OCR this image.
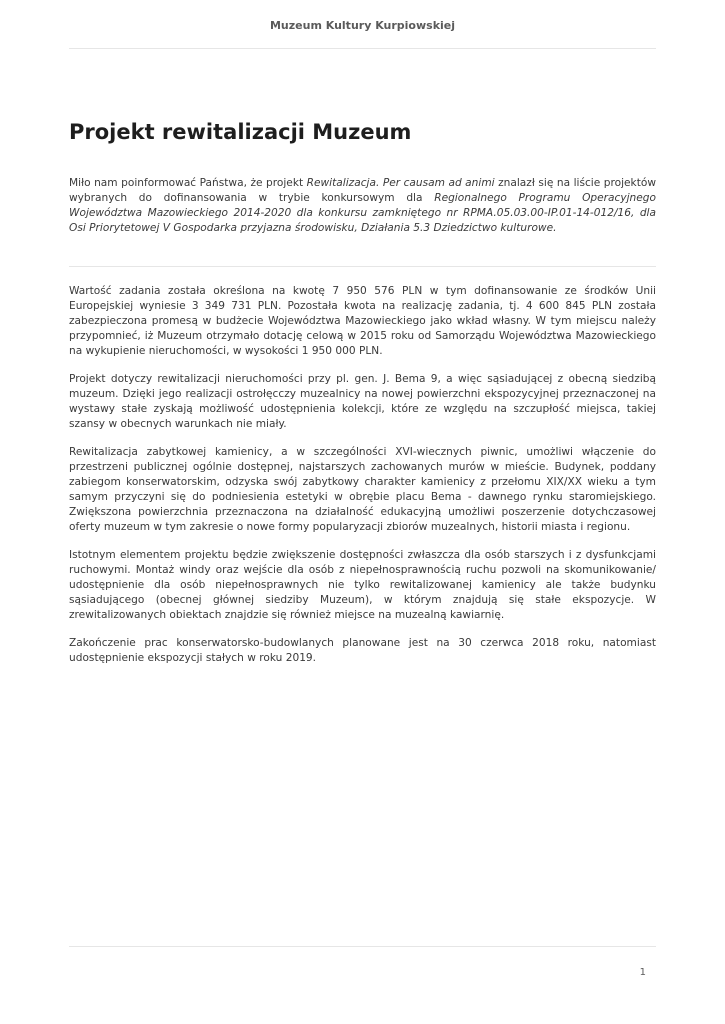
Muzeum Kultury Kurpiowskiej
Projekt rewitalizacji Muzeum

Miło nam poinformować Państwa, że projekt Rewitalizacja. Per causam ad animi znalazł się na liście projektów wybranych do dofinansowania w trybie konkursowym dla Regionalnego Programu Operacyjnego Województwa Mazowieckiego 2014-2020 dla konkursu zamkniętego nr RPMA.05.03.00-IP.01-14-012/16, dla Osi Priorytetowej V Gospodarka przyjazna środowisku, Działania 5.3 Dziedzictwo kulturowe.

Wartość zadania została określona na kwotę 7 950 576 PLN w tym dofinansowanie ze środków Unii Europejskiej wyniesie 3 349 731 PLN. Pozostała kwota na realizację zadania, tj. 4 600 845 PLN została zabezpieczona promesą w budżecie Województwa Mazowieckiego jako wkład własny. W tym miejscu należy przypomnieć, iż Muzeum otrzymało dotację celową w 2015 roku od Samorządu Województwa Mazowieckiego na wykupienie nieruchomości, w wysokości 1 950 000 PLN.

Projekt dotyczy rewitalizacji nieruchomości przy pl. gen. J. Bema 9, a więc sąsiadującej z obecną siedzibą muzeum. Dzięki jego realizacji ostrołęcczy muzealnicy na nowej powierzchni ekspozycyjnej przeznaczonej na wystawy stałe zyskają możliwość udostępnienia kolekcji, które ze względu na szczupłość miejsca, takiej szansy w obecnych warunkach nie miały.

Rewitalizacja zabytkowej kamienicy, a w szczególności XVI-wiecznych piwnic, umożliwi włączenie do przestrzeni publicznej ogólnie dostępnej, najstarszych zachowanych murów w mieście. Budynek, poddany zabiegom konserwatorskim, odzyska swój zabytkowy charakter kamienicy z przełomu XIX/XX wieku a tym samym przyczyni się do podniesienia estetyki w obrębie placu Bema - dawnego rynku staromiejskiego. Zwiększona powierzchnia przeznaczona na działalność edukacyjną umożliwi poszerzenie dotychczasowej oferty muzeum w tym zakresie o nowe formy popularyzacji zbiorów muzealnych, historii miasta i regionu.

Istotnym elementem projektu będzie zwiększenie dostępności zwłaszcza dla osób starszych i z dysfunkcjami ruchowymi. Montaż windy oraz wejście dla osób z niepełnosprawnością ruchu pozwoli na skomunikowanie/ udostępnienie dla osób niepełnosprawnych nie tylko rewitalizowanej kamienicy ale także budynku sąsiadującego (obecnej głównej siedziby Muzeum), w którym znajdują się stałe ekspozycje. W zrewitalizowanych obiektach znajdzie się również miejsce na muzealną kawiarnię.

Zakończenie prac konserwatorsko-budowlanych planowane jest na 30 czerwca 2018 roku, natomiast udostępnienie ekspozycji stałych w roku 2019.

1
